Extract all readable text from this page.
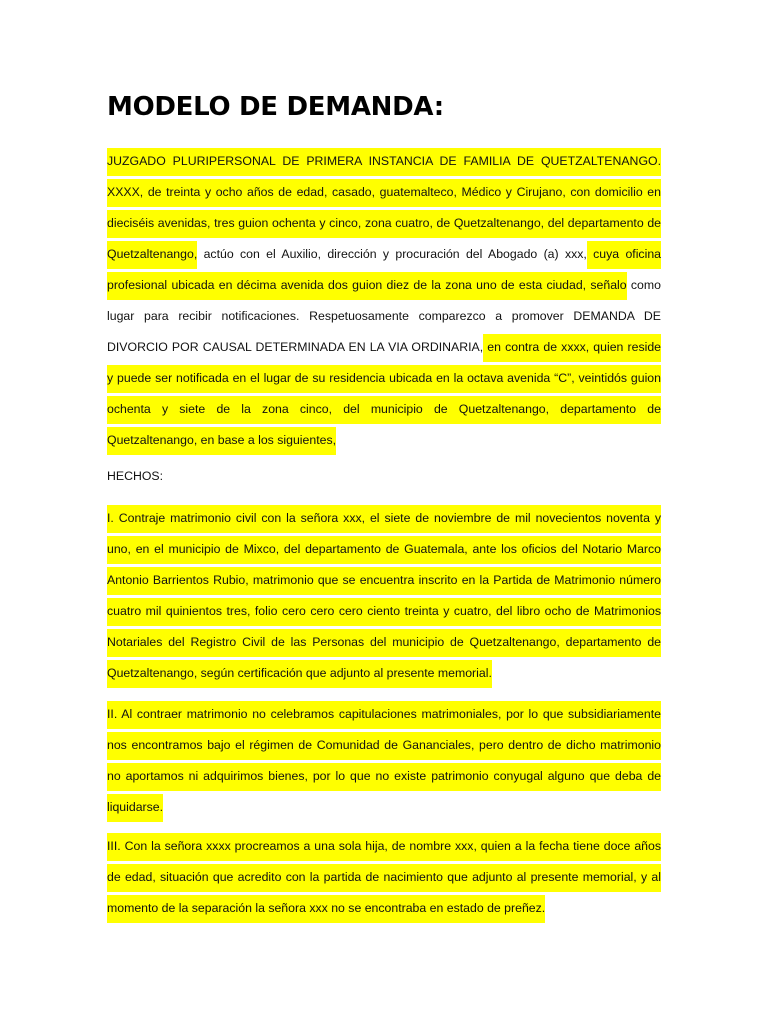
MODELO DE DEMANDA:

JUZGADO PLURIPERSONAL DE PRIMERA INSTANCIA DE FAMILIA DE QUETZALTENANGO. XXXX, de treinta y ocho años de edad, casado, guatemalteco, Médico y Cirujano, con domicilio en dieciséis avenidas, tres guion ochenta y cinco, zona cuatro, de Quetzaltenango, del departamento de Quetzaltenango, actúo con el Auxilio, dirección y procuración del Abogado (a) xxx, cuya oficina profesional ubicada en décima avenida dos guion diez de la zona uno de esta ciudad, señalo como lugar para recibir notificaciones. Respetuosamente comparezco a promover DEMANDA DE DIVORCIO POR CAUSAL DETERMINADA EN LA VIA ORDINARIA, en contra de xxxx, quien reside y puede ser notificada en el lugar de su residencia ubicada en la octava avenida “C”, veintidós guion ochenta y siete de la zona cinco, del municipio de Quetzaltenango, departamento de Quetzaltenango, en base a los siguientes,

HECHOS:

I. Contraje matrimonio civil con la señora xxx, el siete de noviembre de mil novecientos noventa y uno, en el municipio de Mixco, del departamento de Guatemala, ante los oficios del Notario Marco Antonio Barrientos Rubio, matrimonio que se encuentra inscrito en la Partida de Matrimonio número cuatro mil quinientos tres, folio cero cero cero ciento treinta y cuatro, del libro ocho de Matrimonios Notariales del Registro Civil de las Personas del municipio de Quetzaltenango, departamento de Quetzaltenango, según certificación que adjunto al presente memorial.

II. Al contraer matrimonio no celebramos capitulaciones matrimoniales, por lo que subsidiariamente nos encontramos bajo el régimen de Comunidad de Gananciales, pero dentro de dicho matrimonio no aportamos ni adquirimos bienes, por lo que no existe patrimonio conyugal alguno que deba de liquidarse.

III. Con la señora xxxx procreamos a una sola hija, de nombre xxx, quien a la fecha tiene doce años de edad, situación que acredito con la partida de nacimiento que adjunto al presente memorial, y al momento de la separación la señora xxx no se encontraba en estado de preñez.
